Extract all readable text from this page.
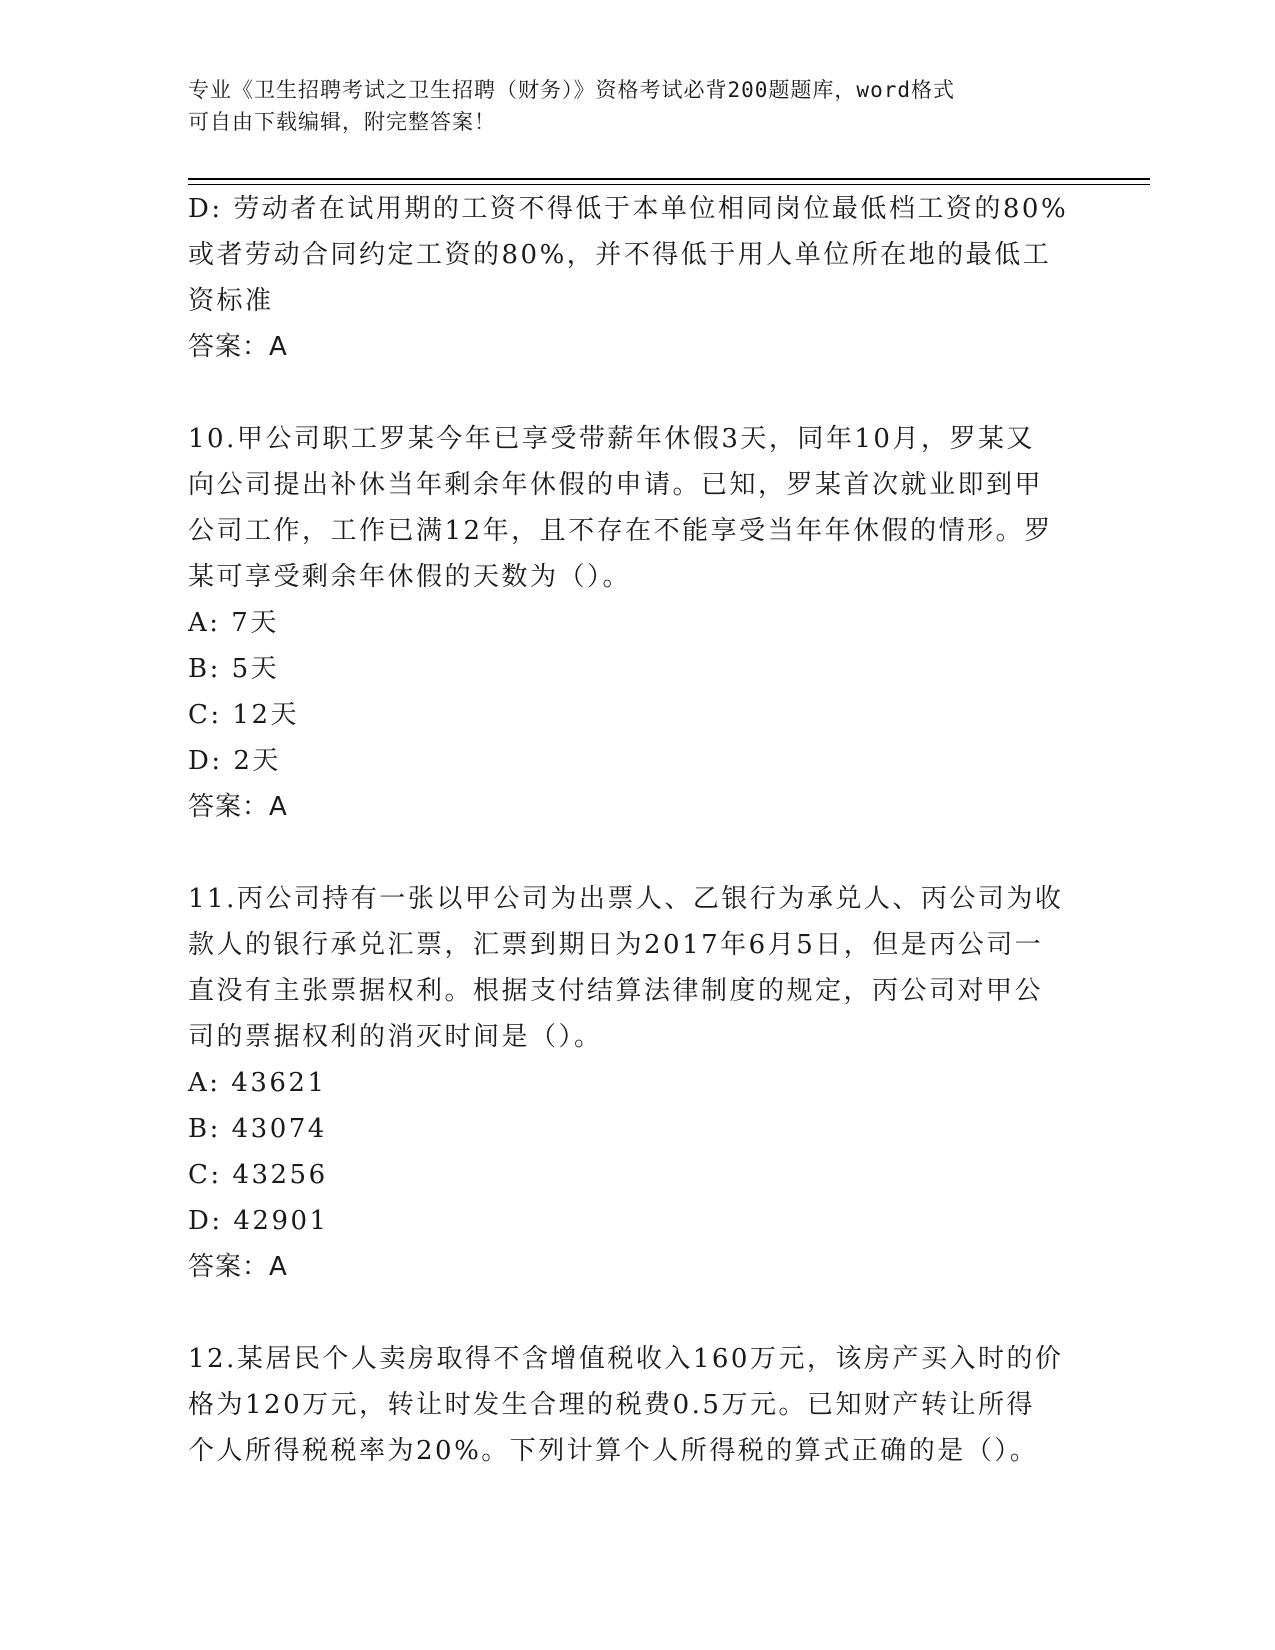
专业《卫生招聘考试之卫生招聘（财务）》资格考试必背200题题库，word格式
可自由下载编辑，附完整答案！
D: 劳动者在试用期的工资不得低于本单位相同岗位最低档工资的80%
或者劳动合同约定工资的80%，并不得低于用人单位所在地的最低工
资标准
答案：A
10.甲公司职工罗某今年已享受带薪年休假3天，同年10月，罗某又
向公司提出补休当年剩余年休假的申请。已知，罗某首次就业即到甲
公司工作，工作已满12年，且不存在不能享受当年年休假的情形。罗
某可享受剩余年休假的天数为（）。
A: 7天
B: 5天
C: 12天
D: 2天
答案：A
11.丙公司持有一张以甲公司为出票人、乙银行为承兑人、丙公司为收
款人的银行承兑汇票，汇票到期日为2017年6月5日，但是丙公司一
直没有主张票据权利。根据支付结算法律制度的规定，丙公司对甲公
司的票据权利的消灭时间是（）。
A: 43621
B: 43074
C: 43256
D: 42901
答案：A
12.某居民个人卖房取得不含增值税收入160万元，该房产买入时的价
格为120万元，转让时发生合理的税费0.5万元。已知财产转让所得
个人所得税税率为20%。下列计算个人所得税的算式正确的是（）。
